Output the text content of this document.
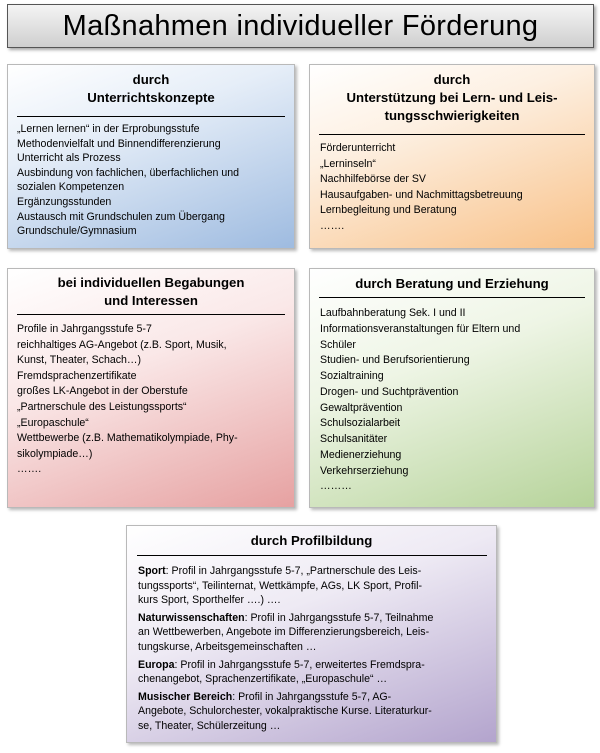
Maßnahmen individueller Förderung
durch
Unterrichtskonzepte
„Lernen lernen“ in der Erprobungsstufe
Methodenvielfalt und Binnendifferenzierung
Unterricht als Prozess
Ausbindung von fachlichen, überfachlichen und
sozialen Kompetenzen
Ergänzungsstunden
Austausch mit Grundschulen zum Übergang
Grundschule/Gymnasium
durch
Unterstützung bei Lern- und Leis-
tungsschwierigkeiten
Förderunterricht
„Lerninseln“
Nachhilfebörse der SV
Hausaufgaben- und Nachmittagsbetreuung
Lernbegleitung und Beratung
…….
bei individuellen Begabungen
und Interessen
Profile in Jahrgangsstufe 5-7
reichhaltiges AG-Angebot (z.B. Sport, Musik,
Kunst, Theater, Schach…)
Fremdsprachenzertifikate
großes LK-Angebot in der Oberstufe
„Partnerschule des Leistungssports“
„Europaschule“
Wettbewerbe (z.B. Mathematikolympiade, Phy-
sikolympiade…)
…….
durch Beratung und Erziehung
Laufbahnberatung Sek. I und II
Informationsveranstaltungen für Eltern und
Schüler
Studien- und Berufsorientierung
Sozialtraining
Drogen- und Suchtprävention
Gewaltprävention
Schulsozialarbeit
Schulsanitäter
Medienerziehung
Verkehrserziehung
………
durch Profilbildung
Sport: Profil in Jahrgangsstufe 5-7, „Partnerschule des Leis-
tungssports“, Teilinternat, Wettkämpfe, AGs, LK Sport, Profil-
kurs Sport, Sporthelfer ….) ….
Naturwissenschaften: Profil in Jahrgangsstufe 5-7, Teilnahme
an Wettbewerben, Angebote im Differenzierungsbereich, Leis-
tungskurse, Arbeitsgemeinschaften …
Europa: Profil in Jahrgangsstufe 5-7, erweitertes Fremdspra-
chenangebot, Sprachenzertifikate, „Europaschule“ …
Musischer Bereich: Profil in Jahrgangsstufe 5-7, AG-
Angebote, Schulorchester, vokalpraktische Kurse. Literaturkur-
se, Theater, Schülerzeitung …
